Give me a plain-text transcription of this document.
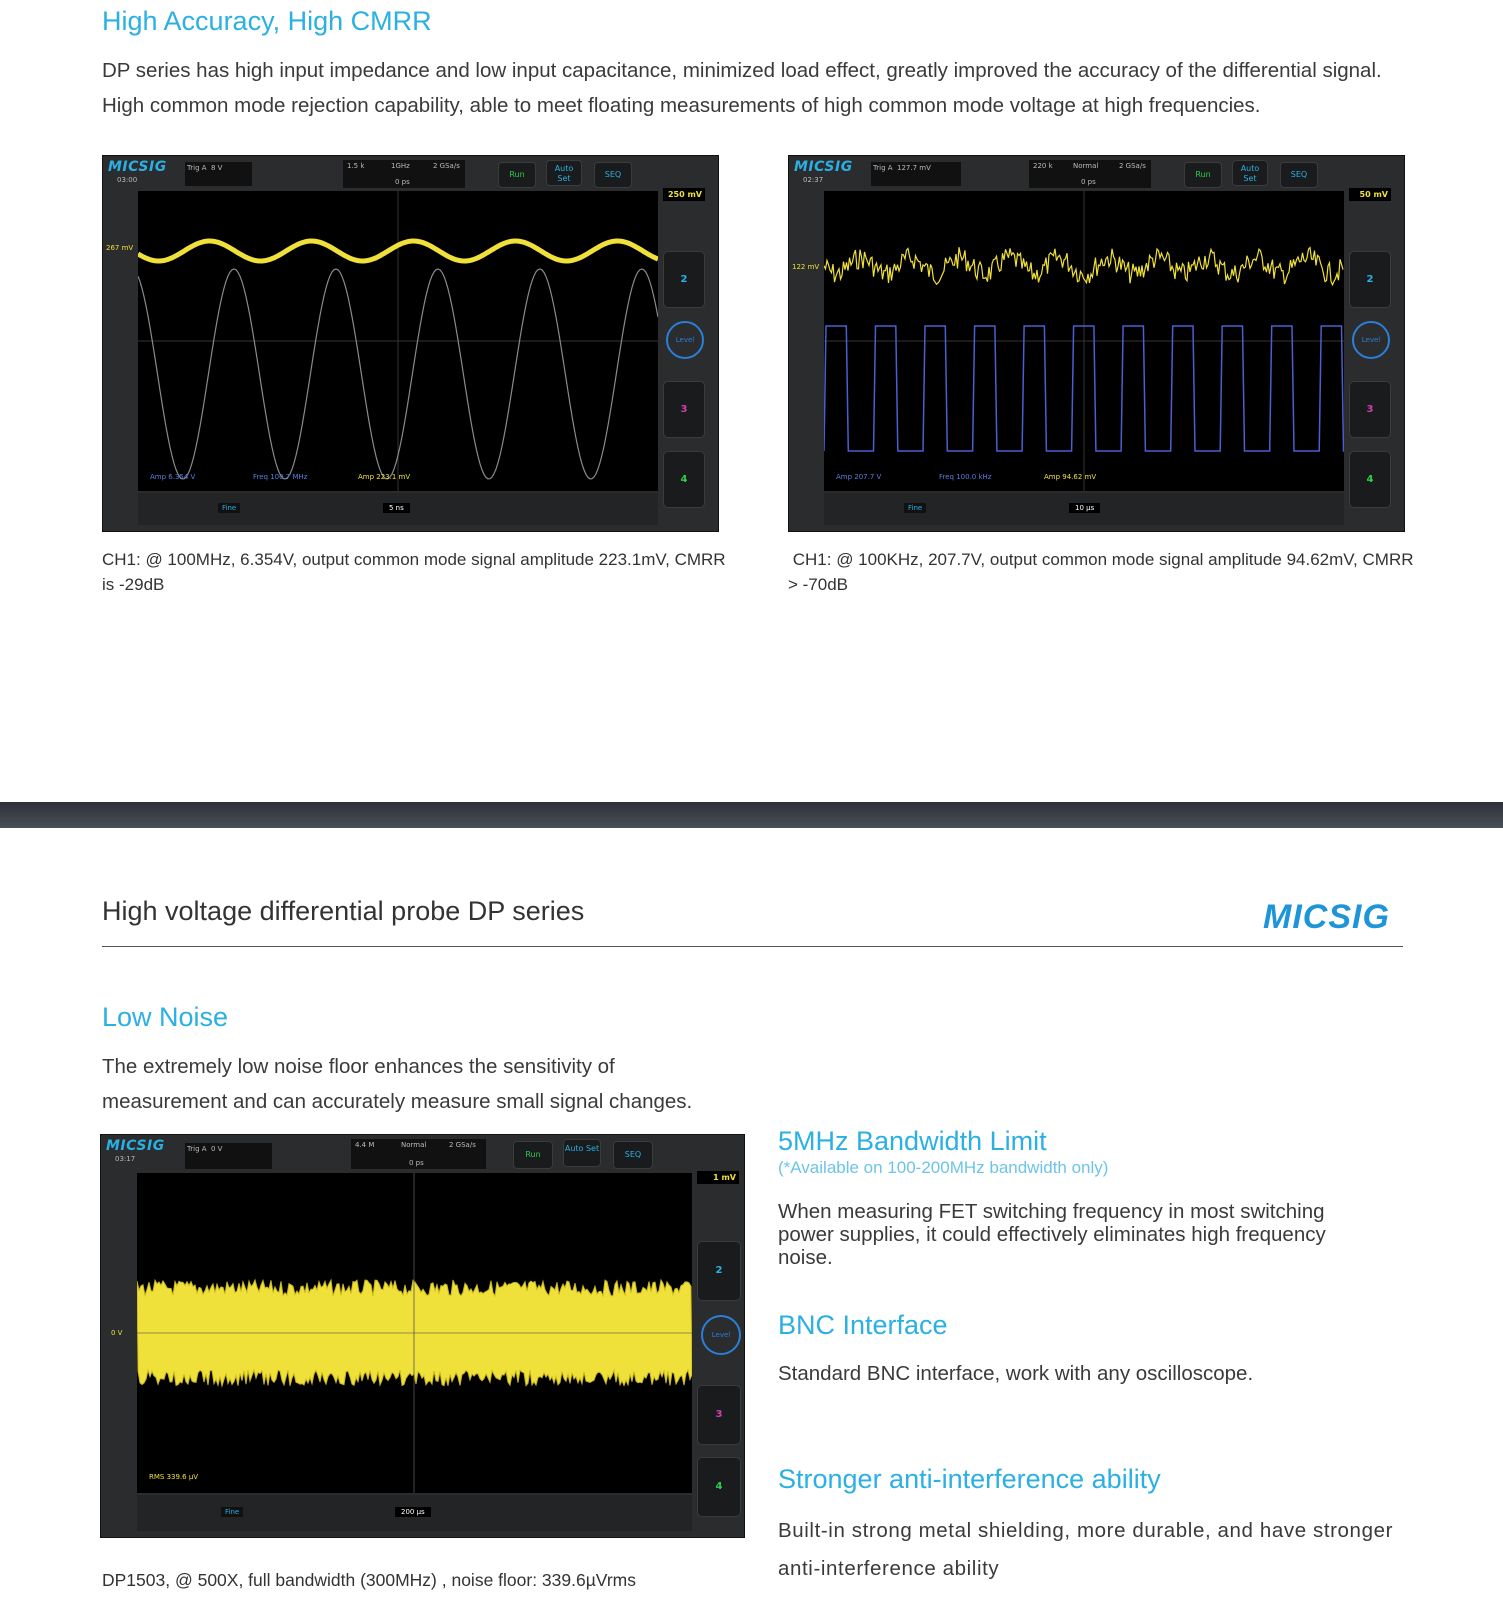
High Accuracy, High CMRR
DP series has high input impedance and low input capacitance, minimized load effect, greatly improved the accuracy of the differential signal. High common mode rejection capability, able to meet floating measurements of high common mode voltage at high frequencies.
MICSIG
03:00
Trig A 8 V	1.5 k	1GHz	2 GSa/s
0 ps
Run
Auto Set	SEQ
250 mV
267 mV
2
Level
3
4
Amp 6.354 V	Freq 100.7 MHz	Amp 223.1 mV
Fine	5 ns
MICSIG
02:37
Trig A 127.7 mV	220 k	Normal	2 GSa/s
0 ps
Run
Auto Set	SEQ
50 mV
122 mV
2
Level
3
4
Amp 207.7 V	Freq 100.0 kHz	Amp 94.62 mV
Fine	10 µs
CH1: @ 100MHz, 6.354V, output common mode signal amplitude 223.1mV, CMRR is -29dB
CH1: @ 100KHz, 207.7V, output common mode signal amplitude 94.62mV, CMRR > -70dB
High voltage differential probe DP series	MICSIG
Low Noise
The extremely low noise floor enhances the sensitivity of measurement and can accurately measure small signal changes.
MICSIG
03:17
Trig A 0 V	4.4 M	Normal	2 GSa/s
0 ps
Run
Auto Set
SEQ
1 mV
0 V
2
Level
3
4
RMS 339.6 µV
Fine	200 µs
DP1503, @ 500X, full bandwidth (300MHz) , noise floor: 339.6µVrms
5MHz Bandwidth Limit
(*Available on 100-200MHz bandwidth only)
When measuring FET switching frequency in most switching power supplies, it could effectively eliminates high frequency noise.
BNC Interface
Standard BNC interface, work with any oscilloscope.
Stronger anti-interference ability
Built-in strong metal shielding, more durable, and have stronger anti-interference ability
